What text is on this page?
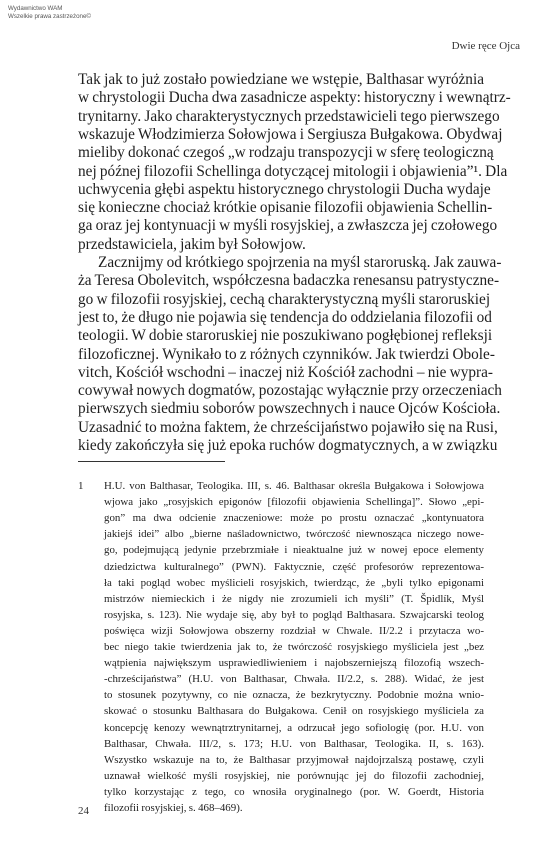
Wydawnictwo WAM
Wszelkie prawa zastrzeżone©
Dwie ręce Ojca
Tak jak to już zostało powiedziane we wstępie, Balthasar wyróżnia
w chrystologii Ducha dwa zasadnicze aspekty: historyczny i wewnątrz-
trynitarny. Jako charakterystycznych przedstawicieli tego pierwszego
wskazuje Włodzimierza Sołowjowa i Sergiusza Bułgakowa. Obydwaj
mieliby dokonać czegoś „w rodzaju transpozycji w sferę teologiczną
nej późnej filozofii Schellinga dotyczącej mitologii i objawienia”¹. Dla
uchwycenia głębi aspektu historycznego chrystologii Ducha wydaje
się konieczne chociaż krótkie opisanie filozofii objawienia Schellin-
ga oraz jej kontynuacji w myśli rosyjskiej, a zwłaszcza jej czołowego
przedstawiciela, jakim był Sołowjow.
Zacznijmy od krótkiego spojrzenia na myśl staroruską. Jak zauwa-
ża Teresa Obolevitch, współczesna badaczka renesansu patrystyczne-
go w filozofii rosyjskiej, cechą charakterystyczną myśli staroruskiej
jest to, że długo nie pojawia się tendencja do oddzielania filozofii od
teologii. W dobie staroruskiej nie poszukiwano pogłębionej refleksji
filozoficznej. Wynikało to z różnych czynników. Jak twierdzi Obole-
vitch, Kościół wschodni – inaczej niż Kościół zachodni – nie wypra-
cowywał nowych dogmatów, pozostając wyłącznie przy orzeczeniach
pierwszych siedmiu soborów powszechnych i nauce Ojców Kościoła.
Uzasadnić to można faktem, że chrześcijaństwo pojawiło się na Rusi,
kiedy zakończyła się już epoka ruchów dogmatycznych, a w związku
1 H.U. von Balthasar, Teologika. III, s. 46. Balthasar określa Bułgakowa i Sołowjowa
wjowa jako „rosyjskich epigonów [filozofii objawienia Schellinga]”. Słowo „epi-
gon” ma dwa odcienie znaczeniowe: może po prostu oznaczać „kontynuatora
jakiejś idei” albo „bierne naśladownictwo, twórczość niewnosząca niczego nowe-
go, podejmującą jedynie przebrzmiałe i nieaktualne już w nowej epoce elementy
dziedzictwa kulturalnego” (PWN). Faktycznie, część profesorów reprezentowa-
ła taki pogląd wobec myślicieli rosyjskich, twierdząc, że „byli tylko epigonami
mistrzów niemieckich i że nigdy nie zrozumieli ich myśli” (T. Špidlík, Myśl
rosyjska, s. 123). Nie wydaje się, aby był to pogląd Balthasara. Szwajcarski teolog
poświęca wizji Sołowjowa obszerny rozdział w Chwale. II/2.2 i przytacza wo-
bec niego takie twierdzenia jak to, że twórczość rosyjskiego myśliciela jest „bez
wątpienia największym usprawiedliwieniem i najobszerniejszą filozofią wszech-
-chrześcijaństwa” (H.U. von Balthasar, Chwała. II/2.2, s. 288). Widać, że jest
to stosunek pozytywny, co nie oznacza, że bezkrytyczny. Podobnie można wnio-
skować o stosunku Balthasara do Bułgakowa. Cenił on rosyjskiego myśliciela za
koncepcję kenozy wewnątrztrynitarnej, a odrzucał jego sofiologię (por. H.U. von
Balthasar, Chwała. III/2, s. 173; H.U. von Balthasar, Teologika. II, s. 163).
Wszystko wskazuje na to, że Balthasar przyjmował najdojrzalszą postawę, czyli
uznawał wielkość myśli rosyjskiej, nie porównując jej do filozofii zachodniej,
tylko korzystając z tego, co wnosiła oryginalnego (por. W. Goerdt, Historia
filozofii rosyjskiej, s. 468–469).
24
